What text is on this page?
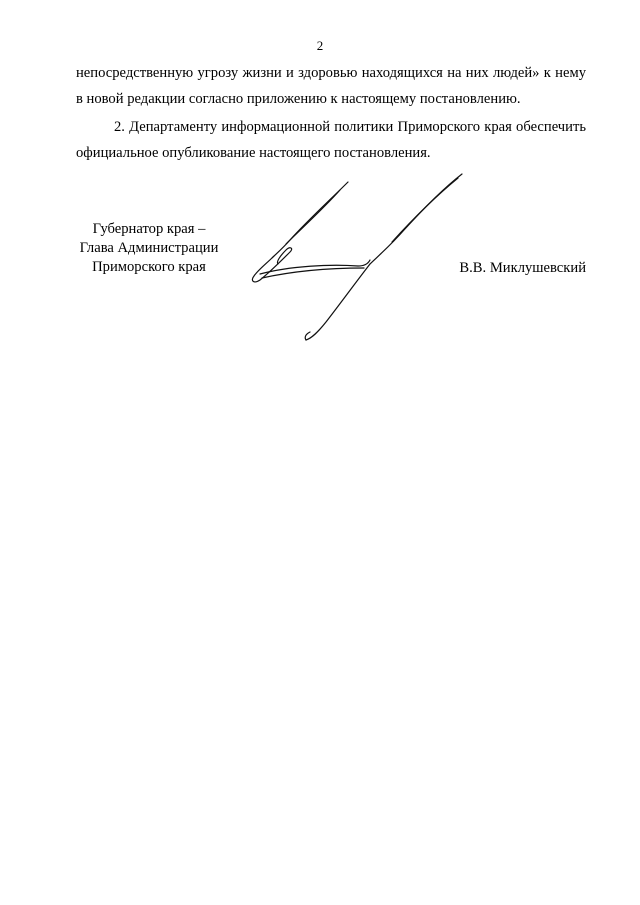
2

непосредственную угрозу жизни и здоровью находящихся на них людей» к нему в новой редакции согласно приложению к настоящему постановлению.

2. Департаменту информационной политики Приморского края обеспечить официальное опубликование настоящего постановления.

Губернатор края –
Глава Администрации
Приморского края	В.В. Миклушевский
